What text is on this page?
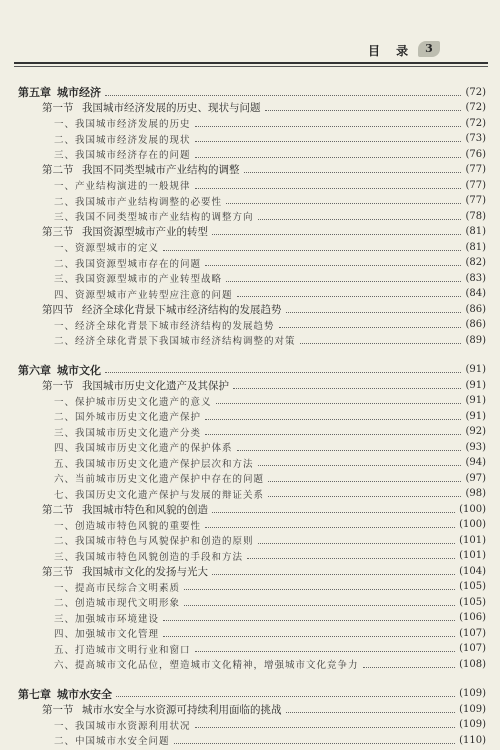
目 录 3
第五章 城市经济	(72)
第一节 我国城市经济发展的历史、现状与问题	(72)
一、我国城市经济发展的历史	(72)
二、我国城市经济发展的现状	(73)
三、我国城市经济存在的问题	(76)
第二节 我国不同类型城市产业结构的调整	(77)
一、产业结构演进的一般规律	(77)
二、我国城市产业结构调整的必要性	(77)
三、我国不同类型城市产业结构的调整方向	(78)
第三节 我国资源型城市产业的转型	(81)
一、资源型城市的定义	(81)
二、我国资源型城市存在的问题	(82)
三、我国资源型城市的产业转型战略	(83)
四、资源型城市产业转型应注意的问题	(84)
第四节 经济全球化背景下城市经济结构的发展趋势	(86)
一、经济全球化背景下城市经济结构的发展趋势	(86)
二、经济全球化背景下我国城市经济结构调整的对策	(89)
第六章 城市文化	(91)
第一节 我国城市历史文化遗产及其保护	(91)
一、保护城市历史文化遗产的意义	(91)
二、国外城市历史文化遗产保护	(91)
三、我国城市历史文化遗产分类	(92)
四、我国城市历史文化遗产的保护体系	(93)
五、我国城市历史文化遗产保护层次和方法	(94)
六、当前城市历史文化遗产保护中存在的问题	(97)
七、我国历史文化遗产保护与发展的辩证关系	(98)
第二节 我国城市特色和风貌的创造	(100)
一、创造城市特色风貌的重要性	(100)
二、我国城市特色与风貌保护和创造的原则	(101)
三、我国城市特色风貌创造的手段和方法	(101)
第三节 我国城市文化的发扬与光大	(104)
一、提高市民综合文明素质	(105)
二、创造城市现代文明形象	(105)
三、加强城市环境建设	(106)
四、加强城市文化管理	(107)
五、打造城市文明行业和窗口	(107)
六、提高城市文化品位，塑造城市文化精神，增强城市文化竞争力	(108)
第七章 城市水安全	(109)
第一节 城市水安全与水资源可持续利用面临的挑战	(109)
一、我国城市水资源利用状况	(109)
二、中国城市水安全问题	(110)
